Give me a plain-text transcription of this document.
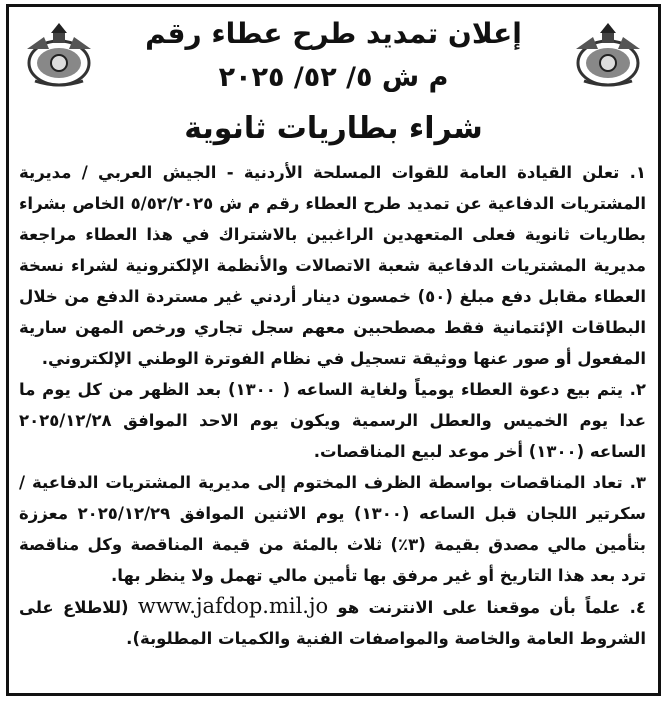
إعلان تمديد طرح عطاء رقم
م ش ٥/ ٥٢/ ٢٠٢٥
شراء بطاريات ثانوية

١. تعلن القيادة العامة للقوات المسلحة الأردنية - الجيش العربي / مديرية المشتريات الدفاعية عن تمديد طرح العطاء رقم م ش ٥/٥٢/٢٠٢٥ الخاص بشراء بطاريات ثانوية فعلى المتعهدين الراغبين بالاشتراك في هذا العطاء مراجعة مديرية المشتريات الدفاعية شعبة الاتصالات والأنظمة الإلكترونية لشراء نسخة العطاء مقابل دفع مبلغ (٥٠) خمسون دينار أردني غير مستردة الدفع من خلال البطاقات الإئتمانية فقط مصطحبين معهم سجل تجاري ورخص المهن سارية المفعول أو صور عنها ووثيقة تسجيل في نظام الفوترة الوطني الإلكتروني.

٢. يتم بيع دعوة العطاء يومياً ولغاية الساعه ( ١٣٠٠) بعد الظهر من كل يوم ما عدا يوم الخميس والعطل الرسمية ويكون يوم الاحد الموافق ٢٠٢٥/١٢/٢٨ الساعه (١٣٠٠) أخر موعد لبيع المناقصات.

٣. تعاد المناقصات بواسطة الظرف المختوم إلى مديرية المشتريات الدفاعية / سكرتير اللجان قبل الساعه (١٣٠٠) يوم الاثنين الموافق ٢٠٢٥/١٢/٢٩ معززة بتأمين مالي مصدق بقيمة (٣٪) ثلاث بالمئة من قيمة المناقصة وكل مناقصة ترد بعد هذا التاريخ أو غير مرفق بها تأمين مالي تهمل ولا ينظر بها.

٤. علماً بأن موقعنا على الانترنت هو www.jafdop.mil.jo (للاطلاع على الشروط العامة والخاصة والمواصفات الفنية والكميات المطلوبة).
